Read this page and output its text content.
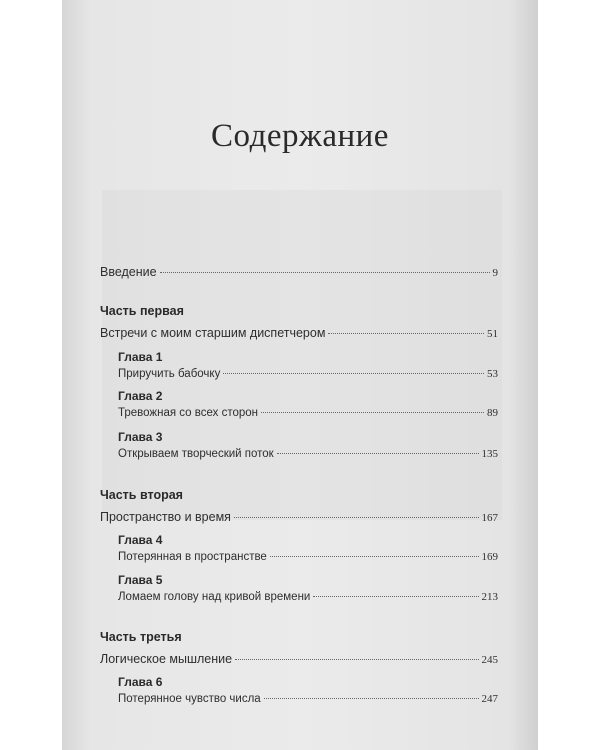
Содержание
Введение	9
Часть первая
Встречи с моим старшим диспетчером	51
Глава 1
Приручить бабочку	53
Глава 2
Тревожная со всех сторон	89
Глава 3
Открываем творческий поток	135
Часть вторая
Пространство и время	167
Глава 4
Потерянная в пространстве	169
Глава 5
Ломаем голову над кривой времени	213
Часть третья
Логическое мышление	245
Глава 6
Потерянное чувство числа	247
